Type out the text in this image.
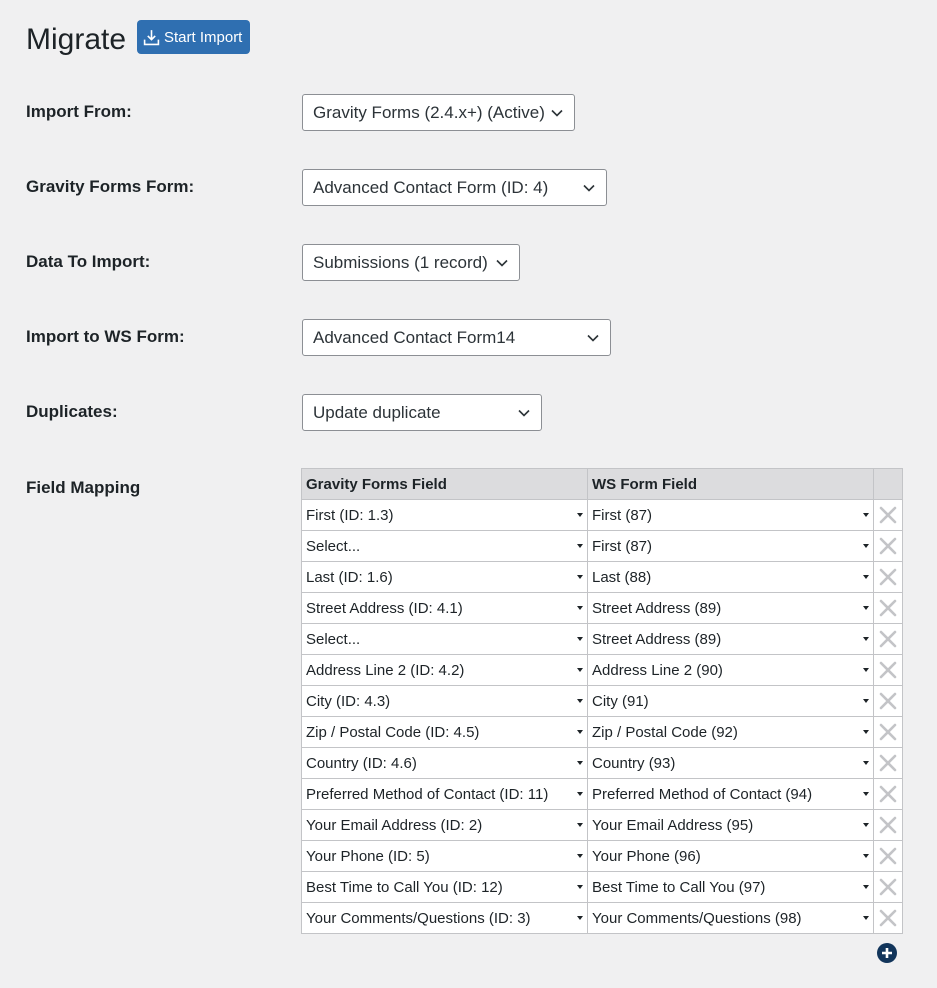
Migrate	Start Import
Import From:	Gravity Forms (2.4.x+) (Active)
Gravity Forms Form:	Advanced Contact Form (ID: 4)
Data To Import:	Submissions (1 record)
Import to WS Form:	Advanced Contact Form14
Duplicates:	Update duplicate
Field Mapping	Gravity Forms Field	WS Form Field	

First (ID: 1.3)	First (87)

Select...	First (87)

Last (ID: 1.6)	Last (88)

Street Address (ID: 4.1)	Street Address (89)

Select...	Street Address (89)

Address Line 2 (ID: 4.2)	Address Line 2 (90)

City (ID: 4.3)	City (91)

Zip / Postal Code (ID: 4.5)	Zip / Postal Code (92)

Country (ID: 4.6)	Country (93)

Preferred Method of Contact (ID: 11)	Preferred Method of Contact (94)

Your Email Address (ID: 2)	Your Email Address (95)

Your Phone (ID: 5)	Your Phone (96)

Best Time to Call You (ID: 12)	Best Time to Call You (97)

Your Comments/Questions (ID: 3)	Your Comments/Questions (98)
